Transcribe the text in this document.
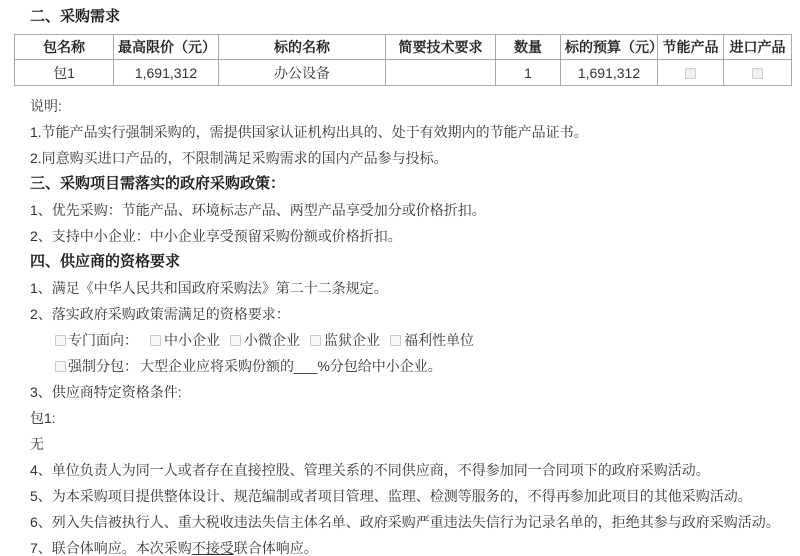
二、采购需求
包名称	最高限价（元）	标的名称	简要技术要求	数量	标的预算（元）	节能产品	进口产品
包1	1,691,312	办公设备		1	1,691,312		
说明:
1.节能产品实行强制采购的，需提供国家认证机构出具的、处于有效期内的节能产品证书。
2.同意购买进口产品的，不限制满足采购需求的国内产品参与投标。
三、采购项目需落实的政府采购政策：
1、优先采购：节能产品、环境标志产品、两型产品享受加分或价格折扣。
2、支持中小企业：中小企业享受预留采购份额或价格折扣。
四、供应商的资格要求
1、满足《中华人民共和国政府采购法》第二十二条规定。
2、落实政府采购政策需满足的资格要求：
专门面向： 中小企业 小微企业 监狱企业 福利性单位
强制分包： 大型企业应将采购份额的___%分包给中小企业。
3、供应商特定资格条件:
包1:
无
4、单位负责人为同一人或者存在直接控股、管理关系的不同供应商，不得参加同一合同项下的政府采购活动。
5、为本采购项目提供整体设计、规范编制或者项目管理、监理、检测等服务的，不得再参加此项目的其他采购活动。
6、列入失信被执行人、重大税收违法失信主体名单、政府采购严重违法失信行为记录名单的，拒绝其参与政府采购活动。
7、联合体响应。本次采购不接受联合体响应。
